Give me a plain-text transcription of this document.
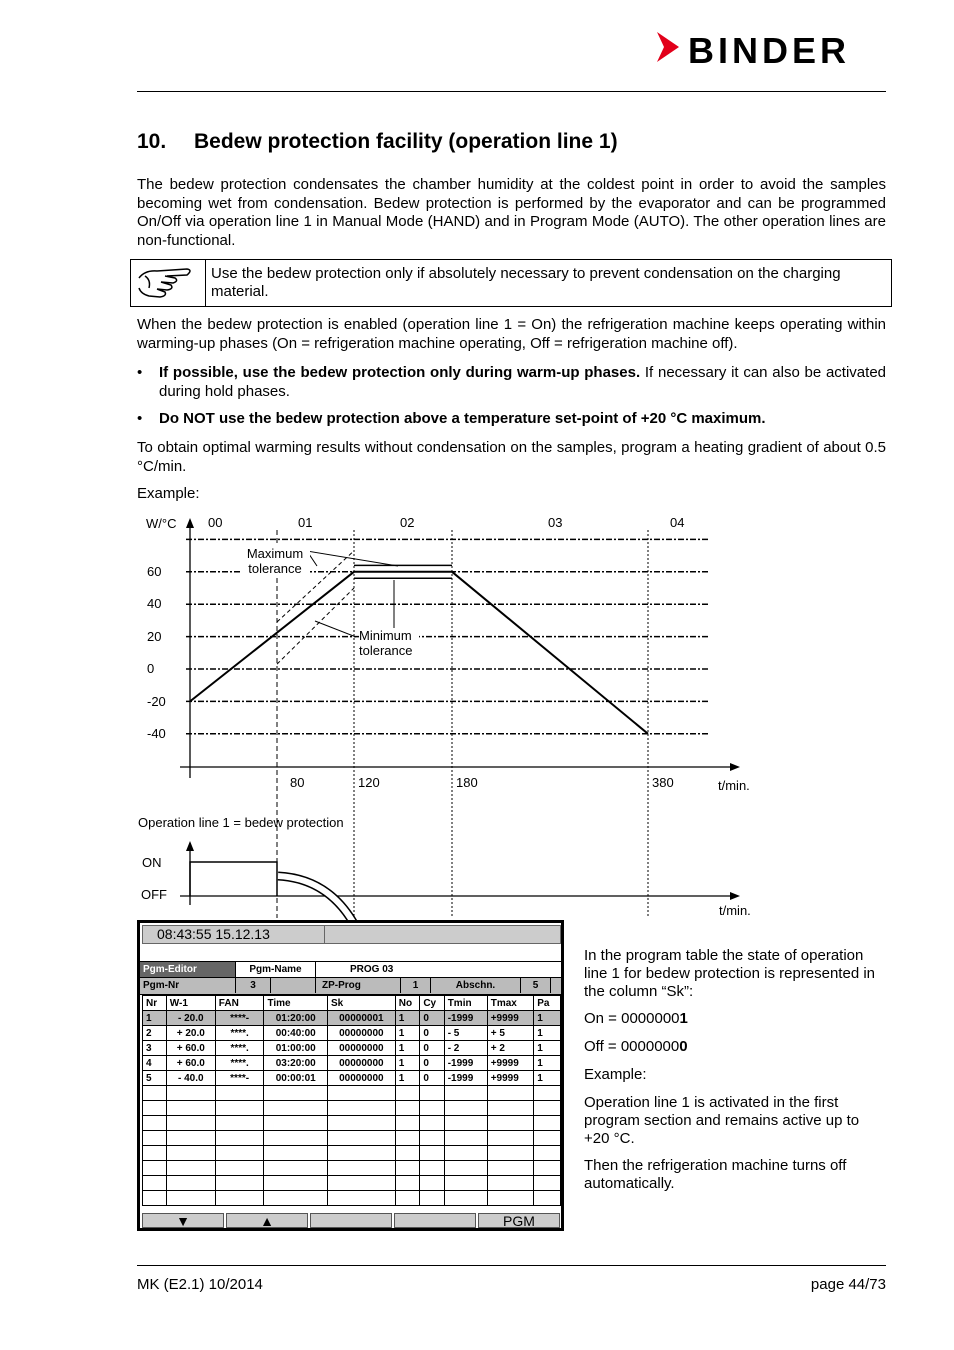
BINDER
10. Bedew protection facility (operation line 1)

The bedew protection condensates the chamber humidity at the coldest point in order to avoid the samples becoming wet from condensation. Bedew protection is performed by the evaporator and can be programmed On/Off via operation line 1 in Manual Mode (HAND) and in Program Mode (AUTO). The other operation lines are non-functional.

Use the bedew protection only if absolutely necessary to prevent condensation on the charging material.

When the bedew protection is enabled (operation line 1 = On) the refrigeration machine keeps operating within warming-up phases (On = refrigeration machine operating, Off = refrigeration machine off).

• If possible, use the bedew protection only during warm-up phases. If necessary it can also be activated during hold phases.
• Do NOT use the bedew protection above a temperature set-point of +20 °C maximum.

To obtain optimal warming results without condensation on the samples, program a heating gradient of about 0.5 °C/min.

Example:

W/°C
t/min.
00	01	02	03	04
60
40
20
0
-20
-40
80	120	180	380
Maximum tolerance
Minimum tolerance
Operation line 1 = bedew protection
ON
OFF
t/min.
08:43:55 15.12.13
Pgm-Editor	Pgm-Name	PROG 03
Pgm-Nr	3	ZP-Prog	1	Abschn.	5
Nr	W-1	FAN	Time	Sk	No	Cy	Tmin	Tmax	Pa
1	- 20.0	****-	01:20:00	00000001	1	0	-1999	+9999	1
2	+ 20.0	****.	00:40:00	00000000	1	0	- 5	+ 5	1
3	+ 60.0	****.	01:00:00	00000000	1	0	- 2	+ 2	1
4	+ 60.0	****.	03:20:00	00000000	1	0	-1999	+9999	1
5	- 40.0	****-	00:00:01	00000000	1	0	-1999	+9999	1

▼	▲	PGM

In the program table the state of operation line 1 for bedew protection is represented in the column “Sk”:

On = 00000001

Off = 00000000

Example:

Operation line 1 is activated in the first program section and remains active up to +20 °C.

Then the refrigeration machine turns off automatically.

MK (E2.1) 10/2014	page 44/73
